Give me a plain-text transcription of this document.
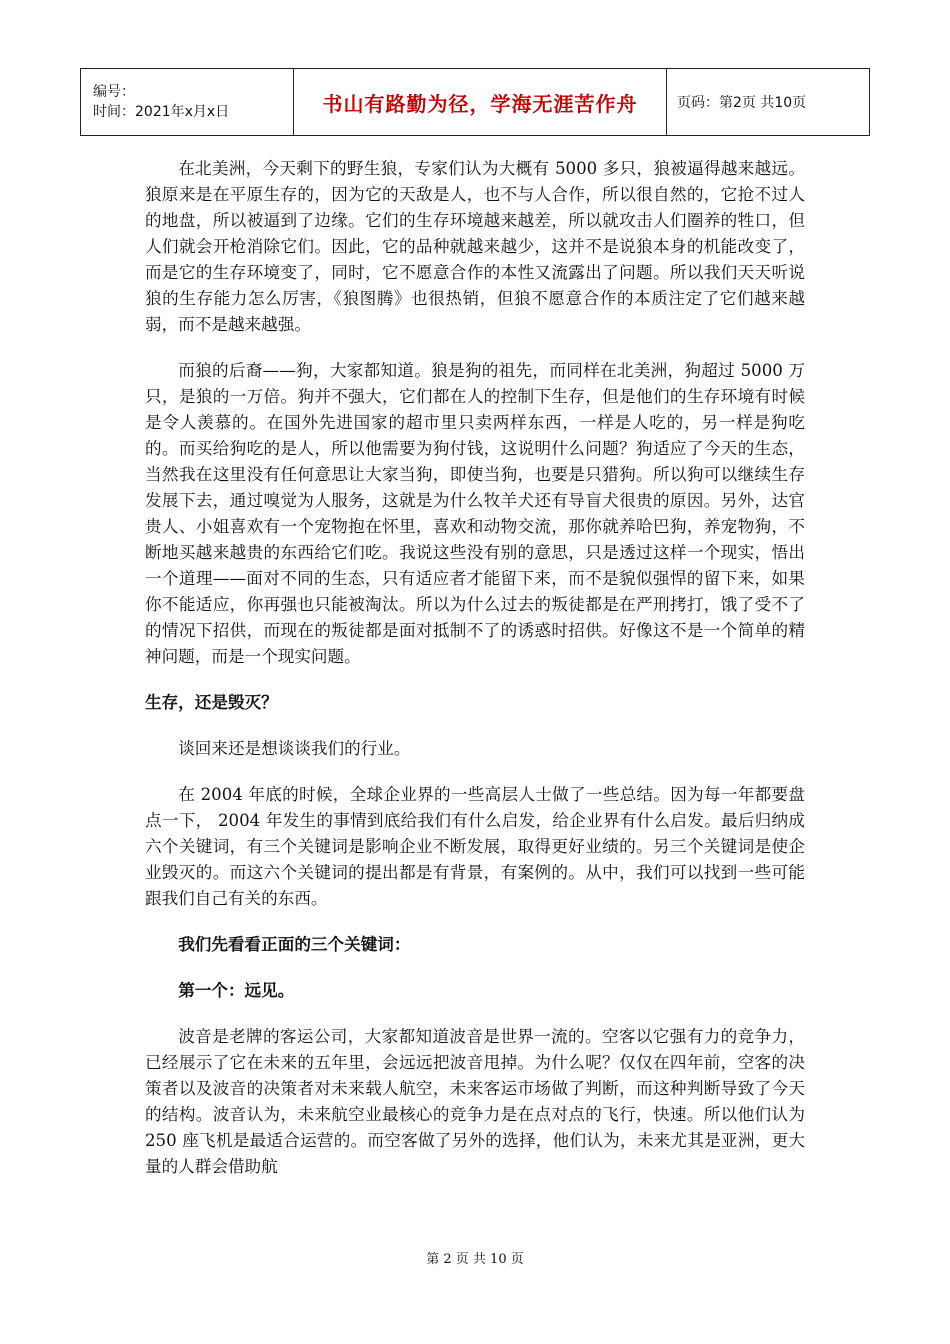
编号：
时间：2021年x月x日	书山有路勤为径，学海无涯苦作舟	页码：第2页 共10页

在北美洲，今天剩下的野生狼，专家们认为大概有 5000 多只，狼被逼得越来越远。狼原来是在平原生存的，因为它的天敌是人，也不与人合作，所以很自然的，它抢不过人的地盘，所以被逼到了边缘。它们的生存环境越来越差，所以就攻击人们圈养的牲口，但人们就会开枪消除它们。因此，它的品种就越来越少，这并不是说狼本身的机能改变了，而是它的生存环境变了，同时，它不愿意合作的本性又流露出了问题。所以我们天天听说狼的生存能力怎么厉害，《狼图腾》也很热销，但狼不愿意合作的本质注定了它们越来越弱，而不是越来越强。

而狼的后裔——狗，大家都知道。狼是狗的祖先，而同样在北美洲，狗超过 5000 万只，是狼的一万倍。狗并不强大，它们都在人的控制下生存，但是他们的生存环境有时候是令人羡慕的。在国外先进国家的超市里只卖两样东西，一样是人吃的，另一样是狗吃的。而买给狗吃的是人，所以他需要为狗付钱，这说明什么问题？狗适应了今天的生态，当然我在这里没有任何意思让大家当狗，即使当狗，也要是只猎狗。所以狗可以继续生存发展下去，通过嗅觉为人服务，这就是为什么牧羊犬还有导盲犬很贵的原因。另外，达官贵人、小姐喜欢有一个宠物抱在怀里，喜欢和动物交流，那你就养哈巴狗，养宠物狗，不断地买越来越贵的东西给它们吃。我说这些没有别的意思，只是透过这样一个现实，悟出一个道理——面对不同的生态，只有适应者才能留下来，而不是貌似强悍的留下来，如果你不能适应，你再强也只能被淘汰。所以为什么过去的叛徒都是在严刑拷打，饿了受不了的情况下招供，而现在的叛徒都是面对抵制不了的诱惑时招供。好像这不是一个简单的精神问题，而是一个现实问题。

生存，还是毁灭？

谈回来还是想谈谈我们的行业。

在 2004 年底的时候，全球企业界的一些高层人士做了一些总结。因为每一年都要盘点一下， 2004 年发生的事情到底给我们有什么启发，给企业界有什么启发。最后归纳成六个关键词，有三个关键词是影响企业不断发展，取得更好业绩的。另三个关键词是使企业毁灭的。而这六个关键词的提出都是有背景，有案例的。从中，我们可以找到一些可能跟我们自己有关的东西。

我们先看看正面的三个关键词：

第一个：远见。

波音是老牌的客运公司，大家都知道波音是世界一流的。空客以它强有力的竞争力，已经展示了它在未来的五年里，会远远把波音甩掉。为什么呢？仅仅在四年前，空客的决策者以及波音的决策者对未来载人航空，未来客运市场做了判断，而这种判断导致了今天的结构。波音认为，未来航空业最核心的竞争力是在点对点的飞行，快速。所以他们认为 250 座飞机是最适合运营的。而空客做了另外的选择，他们认为，未来尤其是亚洲，更大量的人群会借助航

第 2 页 共 10 页
